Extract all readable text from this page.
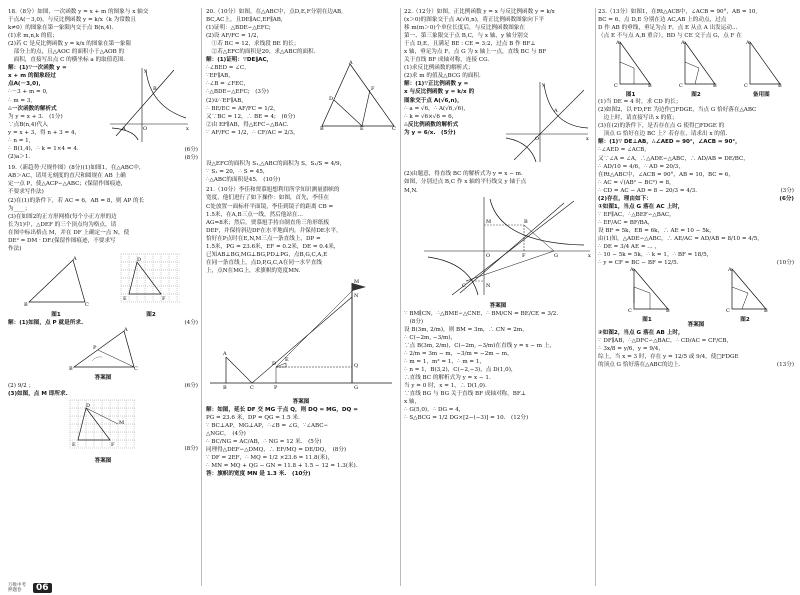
18.（8分）如图，一次函数 y = x + m 的图象与 x 轴交
于点A(－3,0)，与反比例函数 y = k/x（k 为常数且
k≠0）的图象在第一象限内交于点 B(n,4).
(1)求 m,n,k 的值；
(2)若 C 是反比例函数 y = k/x 的图象在第一象限
　部分上的点，且△AOC 的面积小于△AOB 的
　面积，直接写出点 C 的横坐标 a 的取值范围.
解：(1)∵一次函数 y =
x + m 的图象经过
点A(－3,0)，
∴－3 + m = 0,
∴ m = 3,
∴一次函数的解析式
为 y = x + 3.　(1分)
∵点B(n,4)代入
y = x + 3，得 n + 3 = 4，
∴ n = 1,
∴ B(1,4)，∴ k = 1×4 = 4.
(2)a＞1.
A	O
B
x
y
(6分)
(8分)
19.（新趋势·尺规作图）(8分)(1)如图1，在△ABC中，
AB＞AC，请用无刻度的直尺和圆规在 AB 上确
定一点 P，使△ACP∽△ABC；(保留作图痕迹，
不要求写作法)
(2)在(1)的条件下，若 AC = 6，AB = 8，则 AP 的长
为____；
(3)在如图2的正方形网格(每个小正方形的边
长为1)中，△DEF 的三个顶点均为格点，请
在图中标出格点 M，并在 DF 上确定一点 N，使
DE² = DM · DF.(保留作图痕迹，不要求写
作法)
A
B	C
图1
D
F
E
图2
解：(1)如图，点 P 就是所求.	(4分)
A
B	C
P
答案图
(2) 9/2 ；	(6分)
(3)如图，点 M 即所求.
D
F
E
M
答案图
(8分)
20.（10分）如图，在△ABC中，点D,E,F分别在边AB,
BC,AC上，且DE∥AC,EF∥AB,
(1)证明：△BDE∽△EFC;
(2)设 AF/FC = 1/2，
　①若 BC = 12，求线段 BE 的长；
　②若△EFC的面积是20，求△ABC的面积.
解：(1)证明：∵DE∥AC，
∴∠BED = ∠C，
∵EF∥AB，
∴∠B = ∠FEC，
∴△BDE∽△EFC;　(3分)
(2)①∵EF∥AB，
∴ BE/EC = AF/FC = 1/2，
又∵BC = 12，∴ BE = 4;　(6分)
②由 EF∥AB，得△EFC∽△BAC.
∵ AF/FC = 1/2，∴ CF/AC = 2/3，
A
D
F
B	E	C
设△EFC的面积为 S₁,△ABC的面积为 S，S₁/S = 4/9，
∵ S₁ = 20，∴ S = 45，
∴△ABC的面积是45.　(10分)
21.（10分）李佳和贾慕旭想利用所学知识测量旗帜的
宽度，他们进行了如下操作：如图，首先，李佳在
C处放置一面标杆平面镜，李佳到镜子的距离 CB =
1.5米，在A,B三点一线，然后他站在...
AG=8米；然后，贾慕旭手持自制直角三角形纸板
DEF，并保持斜边DF在水平地面内，并保持DE水平，
恰好在P点时在E,N,M三点一条直线上，DP =
1.5米，PG = 23.6米，EF = 0.2米，DE = 0.4米，
已知AB⊥BG,MG⊥BG,PD⊥PG，点B,G,C,A,E
在同一条直线上，点D,P,G,C,A在同一水平直线
上，点N在MG上，求旗帜的宽度MN.
A
B	C
D
E
P
M
N
Q
G
答案图
解：如图，延长 DF 交 MG 于点 Q，则 DQ = MG，DQ =
PG = 23.6 米，DP = QG = 1.5 米.
∵ BC⊥AP，MG⊥AP，∴∠B = ∠G，∵∠ABC∽
△NGC，　(4分)
∴ BC/NG = AC/AB，∴ NG = 12 米.　(5分)
同理得△DEF∽△DMQ，∴ EF/MQ = DE/DQ，　(8分)
∵ DF = 2EF，∴ MQ = 1/2 ×23.6 = 11.8(米)，
∴ MN = MQ + QG − GN = 11.8 + 1.5 − 12 = 1.3(米).
答：旗帜的宽度 MN 是 1.3 米.　(10分)
22.（12分）如图，正比例函数 y = x 与反比例函数 y = k/x
(x＞0)的图象交于点 A(√6,n)，将正比例函数图象向下平
移 m(m＞0)个单位长度后，与反比例函数图象在
第一、第三象限交于点 B,C，与 x 轴、y 轴分别交
于点 D,E，且满足 BE : CE = 3:2，过点 B 作 BF⊥
x 轴，垂足为点 F，点 G 为 x 轴上一点，直线 BC 与 BF
关于直线 BF 成轴对称，连接 CG.
(1)求反比例函数的解析式；
(2)求 m 的值及△BCG 的面积.
解：(1)∵正比例函数 y =
x 与反比例函数 y = k/x 的
图象交于点 A(√6,n)，
∴ a = √6，∴ A(√6,√6)，
∴ k = √6×√6 = 6，
∴反比例函数的解析式
为 y = 6/x.　(5分)
A
O	x
y
(2)由题意，得直线 BC 的解析式为 y = x − m.
如图，分别过点 B,C 作 x 轴的平行线交 y 轴于点
M,N.
B
C
F	G
M
N
O	x
答案图
∵ BM∥CN，∴△BME∽△CNE，∴ BM/CN = BE/CE = 3/2.
　(8分)
设 B(3m, 2/m)，则 BM = 3m，∴ CN = 2m，
∴ C(−2m, −3/m)，
∵点 B(3m, 2/m)，C(−2m, −3/m)在直线 y = x − m 上，
∴ 2/m = 3m − m，−3/m = −2m − m，
∴ m = 1，m² = 1，∴ m = 1，
∴ n = 1，B(3,2)，C(−2,−3)，点 D(1,0)，
∴直线 BC 的解析式为 y = x − 1.
当 y = 0 时，x = 1，∴ D(1,0).
∵直线 BG 与 BG 关于直线 BF 成轴对称，BF⊥
x 轴，
∴ G(5,0)，∴ DG = 4，
∴ S△BCG = 1/2 DG×[2−(−3)] = 10.　(12分)
23.（13分）如图1，在Rt△ACB中，∠ACB = 90°，AB = 10,
BC = 6，点 D,E 分别在边 AC,AB 上的动点，过点
D 作 AB 的垂线，垂足为点 F，点 E 从点 A 出发运动...
（点 E 不与点 A,B 重合），BD 与 CE 交于点 G，点 F 在
A
C	B
图1
A
C	B
图2
A
C	B
备用图
(1)当 DE = 4 时，求 CD 的长；
(2)如图2，以 FD,FE 为边作□FDGE，当点 G 恰好落在△ABC
　边上时，请直接写出 x 的值；
(3)在(2)的条件下，是否存在点 G 使得□FDGE 的
　顶点 G 恰好在边 BC 上？若存在，请求出 x 的值．
解：(1)∵ DE⊥AB，∴∠AED = 90°，∠ACB = 90°，
∴∠AED = ∠ACB，
又∵∠A = ∠A，∴△ADE∽△ABC，∴ AD/AB = DE/BC，
∴ AD/10 = 4/6，∴ AD = 20/3，
在Rt△ABC中，∠ACB = 90°，AB = 10，BC = 6，
∴ AC = √(AB² − BC²) = 8，
∴ CD = AC − AD = 8 − 20/3 = 4/3.	(3分)
(2)存在，理由如下：	(6分)
①如图1，当点 G 落在 AC 上时，
∵ EF∥AC，∴△BEF∽△BAC，
∴ EF/AC = BF/BA，
设 BF = 5k，EB = 6k，∴ AE = 10 − 5k，
由(1)知，△ADE∽△ABC，∴ AE/AC = AD/AB = 8/10 = 4/5，
∴ DE = 3/4 AE = ... ，
∴ 10 − 5k = 5k，∴ k = 1，∴ BF = 18/5，
∴ y = CF = BC − BF = 12/5.	(10分)
A
C	B
图1
A
C	B
图2
答案图
②如图2，当点 G 落在 AB 上时，
∵ DF∥AB，∴△DFC∽△BAC，∴ CD/AC = CF/CB，
∴ 3x/8 = y/6，y = 9/4，
综上，当 x = 3 时，存在 y = 12/5 或 9/4，使□FDGE
的顶点 G 恰好落在△ABC的边上．	(13分)
万唯中考 押题卷	06
